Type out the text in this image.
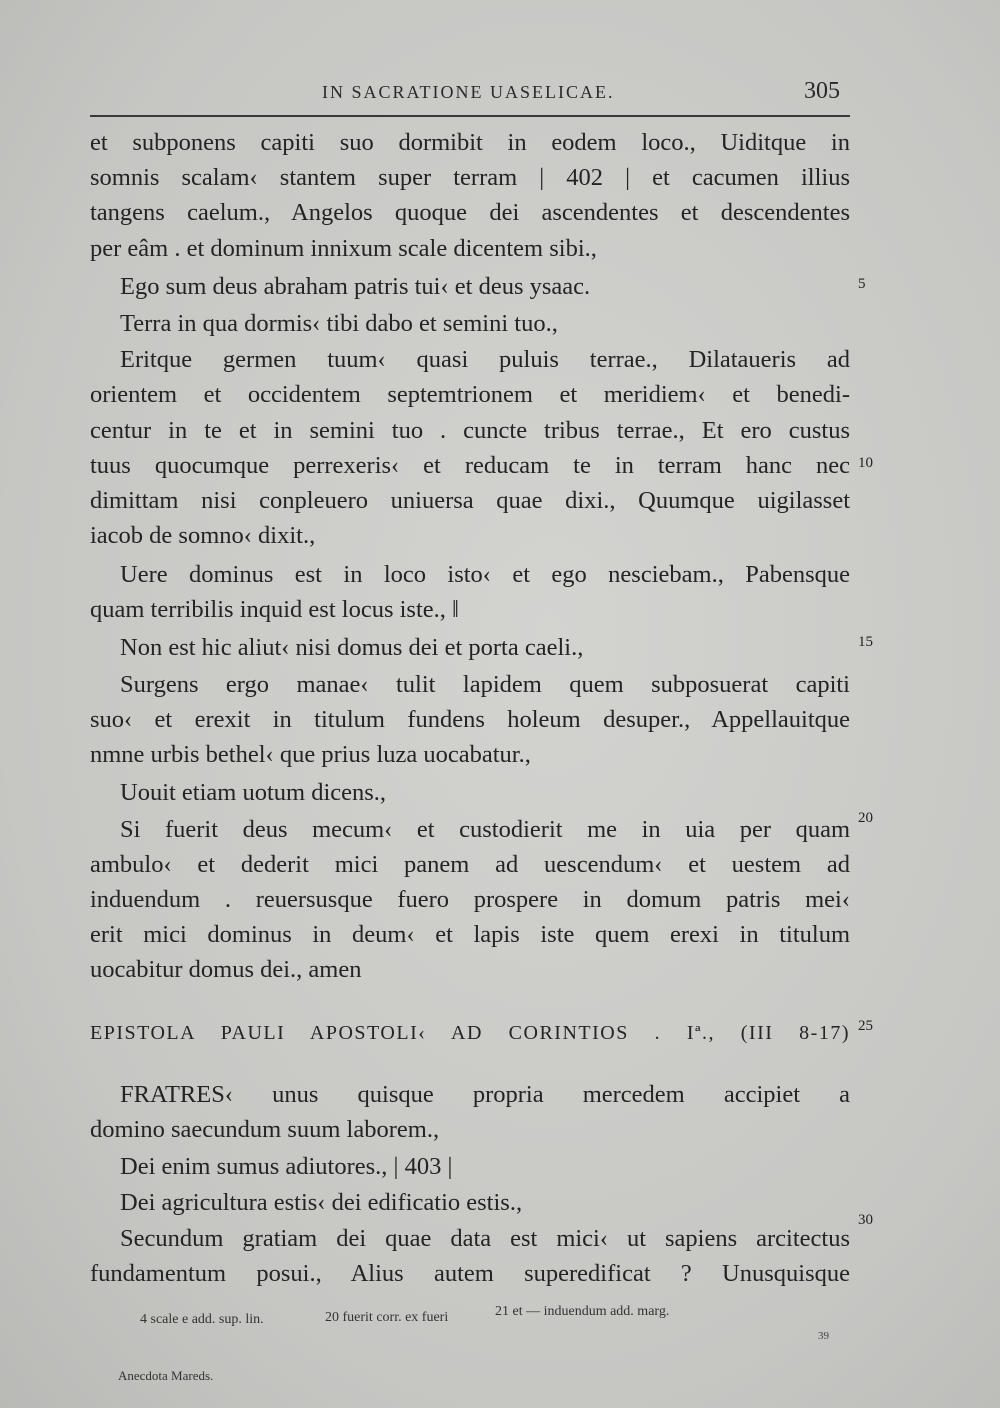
IN SACRATIONE UASELICAE.	305
et subponens capiti suo dormibit in eodem loco., Uiditque in
somnis scalam‹ stantem super terram | 402 | et cacumen illius
tangens caelum., Angelos quoque dei ascendentes et descendentes
per eâm . et dominum innixum scale dicentem sibi.,
Ego sum deus abraham patris tui‹ et deus ysaac.
Terra in qua dormis‹ tibi dabo et semini tuo.,
Eritque germen tuum‹ quasi puluis terrae., Dilataueris ad
orientem et occidentem septemtrionem et meridiem‹ et benedi-
centur in te et in semini tuo . cuncte tribus terrae., Et ero custus
tuus quocumque perrexeris‹ et reducam te in terram hanc nec
dimittam nisi conpleuero uniuersa quae dixi., Quumque uigilasset
iacob de somno‹ dixit.,
Uere dominus est in loco isto‹ et ego nesciebam., Pabensque
quam terribilis inquid est locus iste., ‖
Non est hic aliut‹ nisi domus dei et porta caeli.,
Surgens ergo manae‹ tulit lapidem quem subposuerat capiti
suo‹ et erexit in titulum fundens holeum desuper., Appellauitque
nmne urbis bethel‹ que prius luza uocabatur.,
Uouit etiam uotum dicens.,
Si fuerit deus mecum‹ et custodierit me in uia per quam
ambulo‹ et dederit mici panem ad uescendum‹ et uestem ad
induendum . reuersusque fuero prospere in domum patris mei‹
erit mici dominus in deum‹ et lapis iste quem erexi in titulum
uocabitur domus dei., amen
EPISTOLA PAULI APOSTOLI‹ AD CORINTIOS . Iª., (III 8-17)
FRATRES‹ unus quisque propria mercedem accipiet a
domino saecundum suum laborem.,
Dei enim sumus adiutores., | 403 |
Dei agricultura estis‹ dei edificatio estis.,
Secundum gratiam dei quae data est mici‹ ut sapiens arcitectus
fundamentum posui., Alius autem superedificat ? Unusquisque
5
10
15
20
25
30
4 scale e add. sup. lin.	20 fuerit corr. ex fueri	21 et — induendum add. marg.
Anecdota Mareds.
39
